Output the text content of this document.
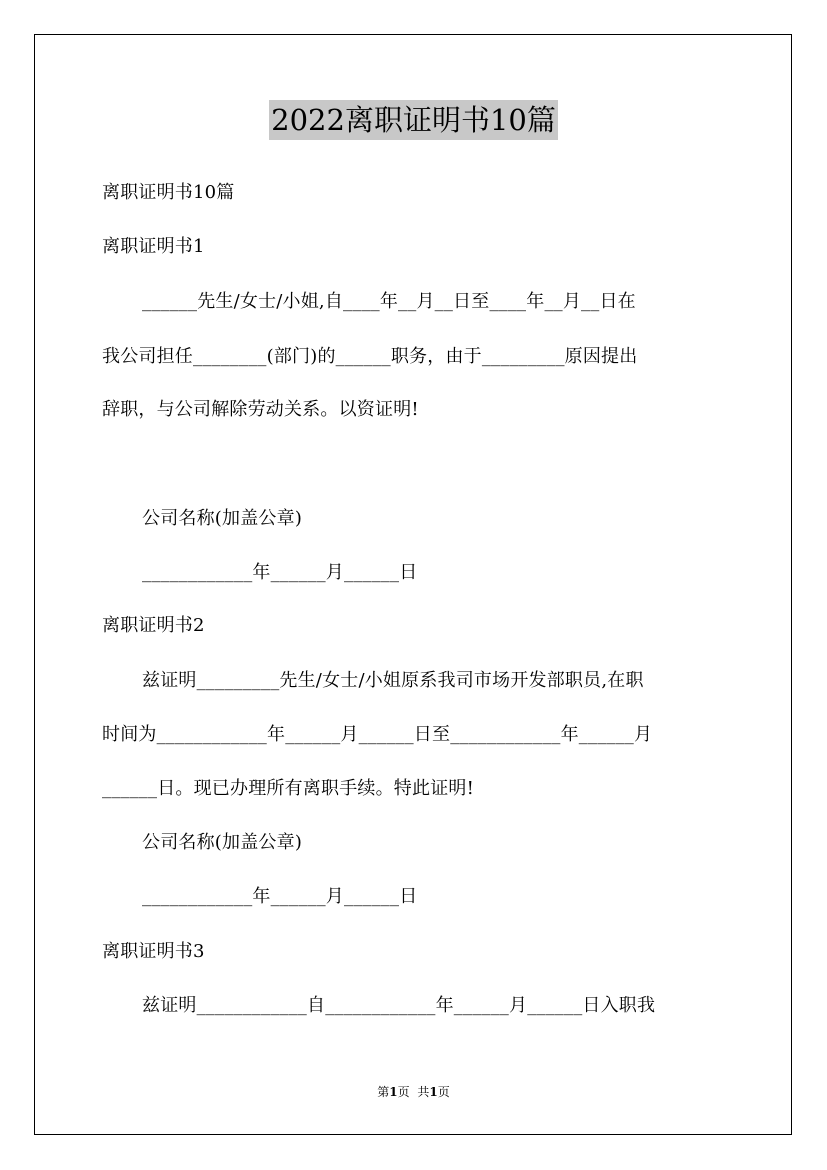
2022离职证明书10篇
离职证明书10篇
离职证明书1
______先生/女士/小姐,自____年__月__日至____年__月__日在
我公司担任________(部门)的______职务，由于_________原因提出
辞职，与公司解除劳动关系。以资证明!
公司名称(加盖公章)
____________年______月______日
离职证明书2
兹证明_________先生/女士/小姐原系我司市场开发部职员,在职
时间为____________年______月______日至____________年______月
______日。现已办理所有离职手续。特此证明!
公司名称(加盖公章)
____________年______月______日
离职证明书3
兹证明____________自____________年______月______日入职我
第1页 共1页
